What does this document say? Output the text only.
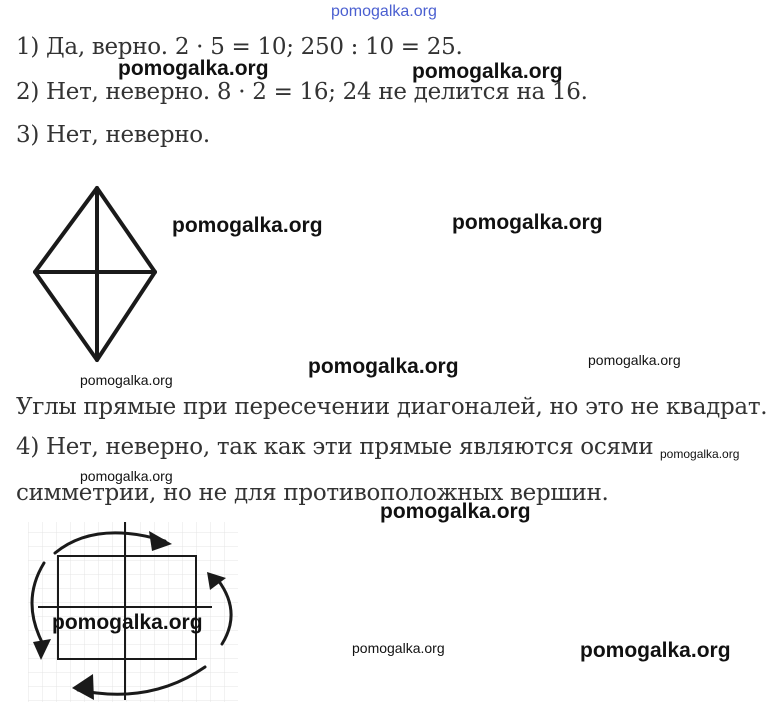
pomogalka.org
1) Да, верно. 2 · 5 = 10; 250 : 10 = 25.
pomogalka.org	pomogalka.org
2) Нет, неверно. 8 · 2 = 16; 24 не делится на 16.
3) Нет, неверно.
pomogalka.org	pomogalka.org
pomogalka.org	pomogalka.org
pomogalka.org
Углы прямые при пересечении диагоналей, но это не квадрат.
4) Нет, неверно, так как эти прямые являются осями pomogalka.org
pomogalka.org
симметрии, но не для противоположных вершин.
pomogalka.org
pomogalka.org
pomogalka.org	pomogalka.org
